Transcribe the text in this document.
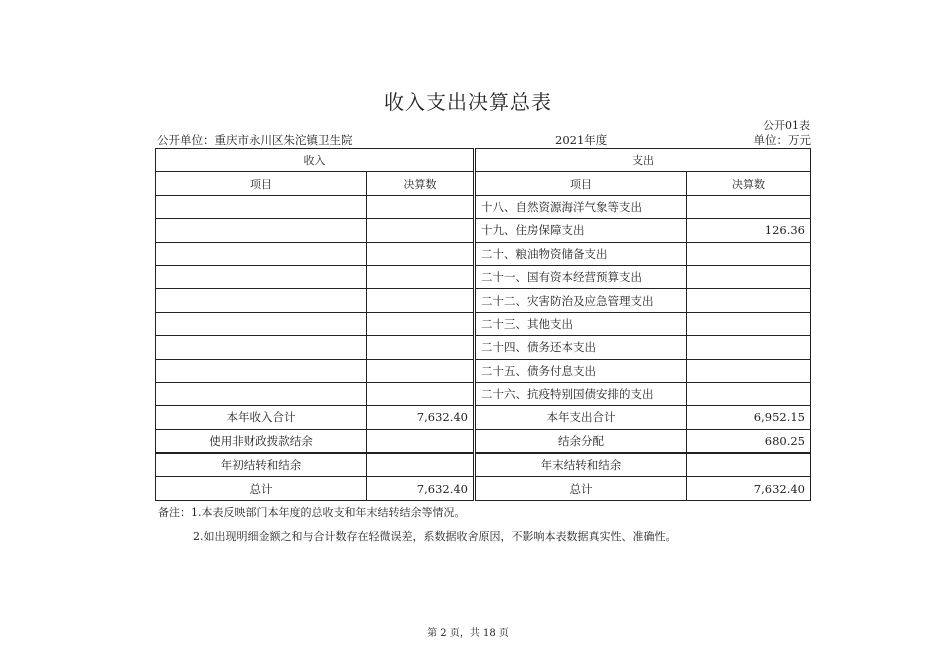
收入支出决算总表
公开01表
公开单位：重庆市永川区朱沱镇卫生院	2021年度	单位：万元
收入		支出	
项目	决算数	项目	决算数
		十八、自然资源海洋气象等支出	
		十九、住房保障支出	126.36
		二十、粮油物资储备支出	
		二十一、国有资本经营预算支出	
		二十二、灾害防治及应急管理支出	
		二十三、其他支出	
		二十四、债务还本支出	
		二十五、债务付息支出	
		二十六、抗疫特别国债安排的支出	
本年收入合计	7,632.40	本年支出合计	6,952.15
使用非财政拨款结余		结余分配	680.25
年初结转和结余		年末结转和结余	
总计	7,632.40	总计	7,632.40
备注：1.本表反映部门本年度的总收支和年末结转结余等情况。
2.如出现明细金额之和与合计数存在轻微误差，系数据收舍原因，不影响本表数据真实性、准确性。
第 2 页，共 18 页
